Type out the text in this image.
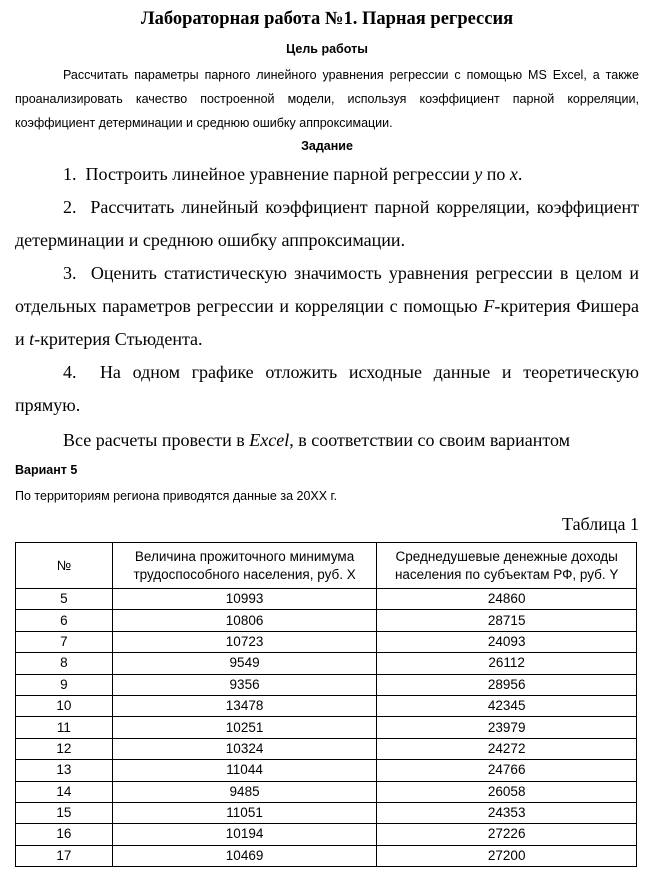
Лабораторная работа №1. Парная регрессия
Цель работы
Рассчитать параметры парного линейного уравнения регрессии с помощью MS Excel, а также проанализировать качество построенной модели, используя коэффициент парной корреляции, коэффициент детерминации и среднюю ошибку аппроксимации.
Задание
1. Построить линейное уравнение парной регрессии y по x.
2. Рассчитать линейный коэффициент парной корреляции, коэффициент детерминации и среднюю ошибку аппроксимации.
3. Оценить статистическую значимость уравнения регрессии в целом и отдельных параметров регрессии и корреляции с помощью F-критерия Фишера и t-критерия Стьюдента.
4. На одном графике отложить исходные данные и теоретическую прямую.
Все расчеты провести в Excel, в соответствии со своим вариантом
Вариант 5
По территориям региона приводятся данные за 20ХХ г.
Таблица 1
№	Величина прожиточного минимума трудоспособного населения, руб. X	Среднедушевые денежные доходы населения по субъектам РФ, руб. Y
5	10993	24860
6	10806	28715
7	10723	24093
8	9549	26112
9	9356	28956
10	13478	42345
11	10251	23979
12	10324	24272
13	11044	24766
14	9485	26058
15	11051	24353
16	10194	27226
17	10469	27200
